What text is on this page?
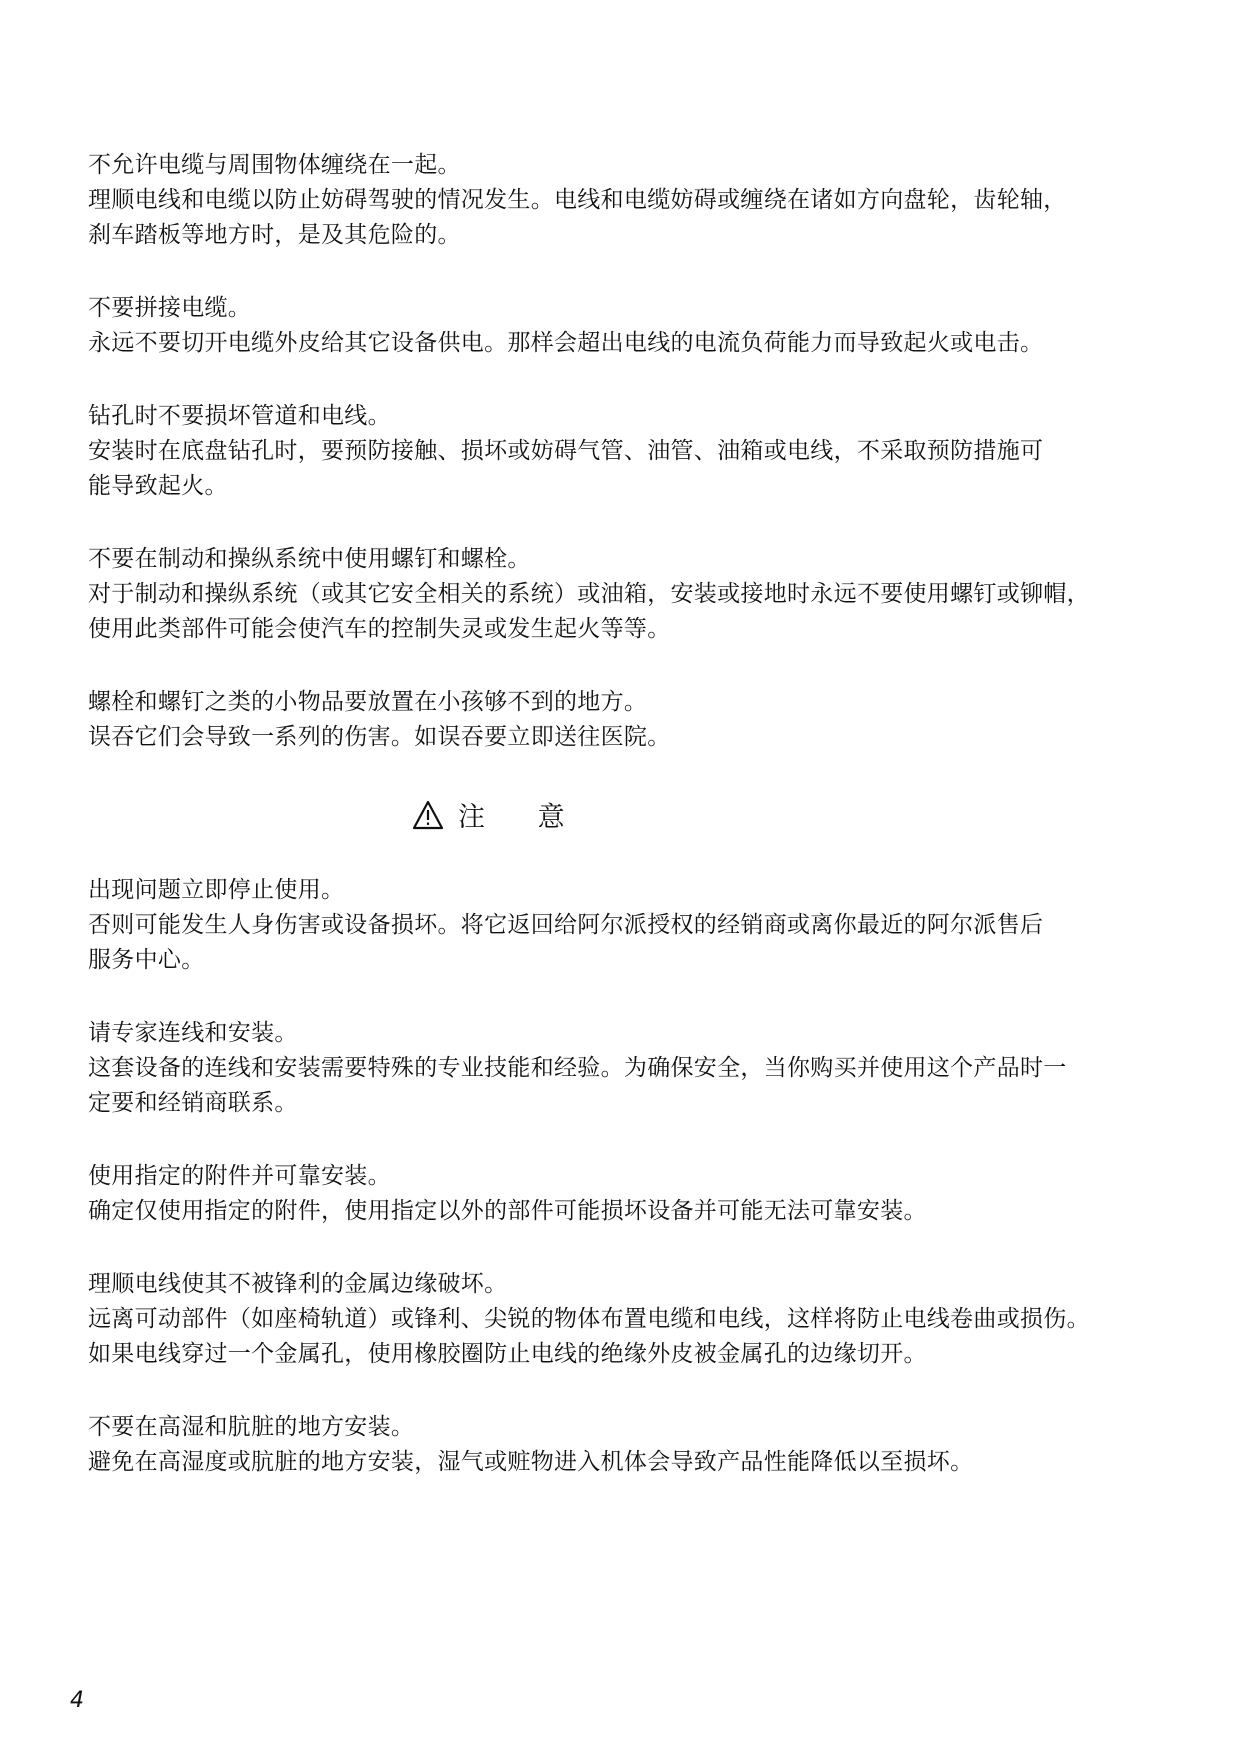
不允许电缆与周围物体缠绕在一起。
理顺电线和电缆以防止妨碍驾驶的情况发生。电线和电缆妨碍或缠绕在诸如方向盘轮，齿轮轴，
刹车踏板等地方时，是及其危险的。
不要拼接电缆。
永远不要切开电缆外皮给其它设备供电。那样会超出电线的电流负荷能力而导致起火或电击。
钻孔时不要损坏管道和电线。
安装时在底盘钻孔时，要预防接触、损坏或妨碍气管、油管、油箱或电线，不采取预防措施可
能导致起火。
不要在制动和操纵系统中使用螺钉和螺栓。
对于制动和操纵系统（或其它安全相关的系统）或油箱，安装或接地时永远不要使用螺钉或铆帽，
使用此类部件可能会使汽车的控制失灵或发生起火等等。
螺栓和螺钉之类的小物品要放置在小孩够不到的地方。
误吞它们会导致一系列的伤害。如误吞要立即送往医院。
注 意
出现问题立即停止使用。
否则可能发生人身伤害或设备损坏。将它返回给阿尔派授权的经销商或离你最近的阿尔派售后
服务中心。
请专家连线和安装。
这套设备的连线和安装需要特殊的专业技能和经验。为确保安全，当你购买并使用这个产品时一
定要和经销商联系。
使用指定的附件并可靠安装。
确定仅使用指定的附件，使用指定以外的部件可能损坏设备并可能无法可靠安装。
理顺电线使其不被锋利的金属边缘破坏。
远离可动部件（如座椅轨道）或锋利、尖锐的物体布置电缆和电线，这样将防止电线卷曲或损伤。
如果电线穿过一个金属孔，使用橡胶圈防止电线的绝缘外皮被金属孔的边缘切开。
不要在高湿和肮脏的地方安装。
避免在高湿度或肮脏的地方安装，湿气或赃物进入机体会导致产品性能降低以至损坏。
4
